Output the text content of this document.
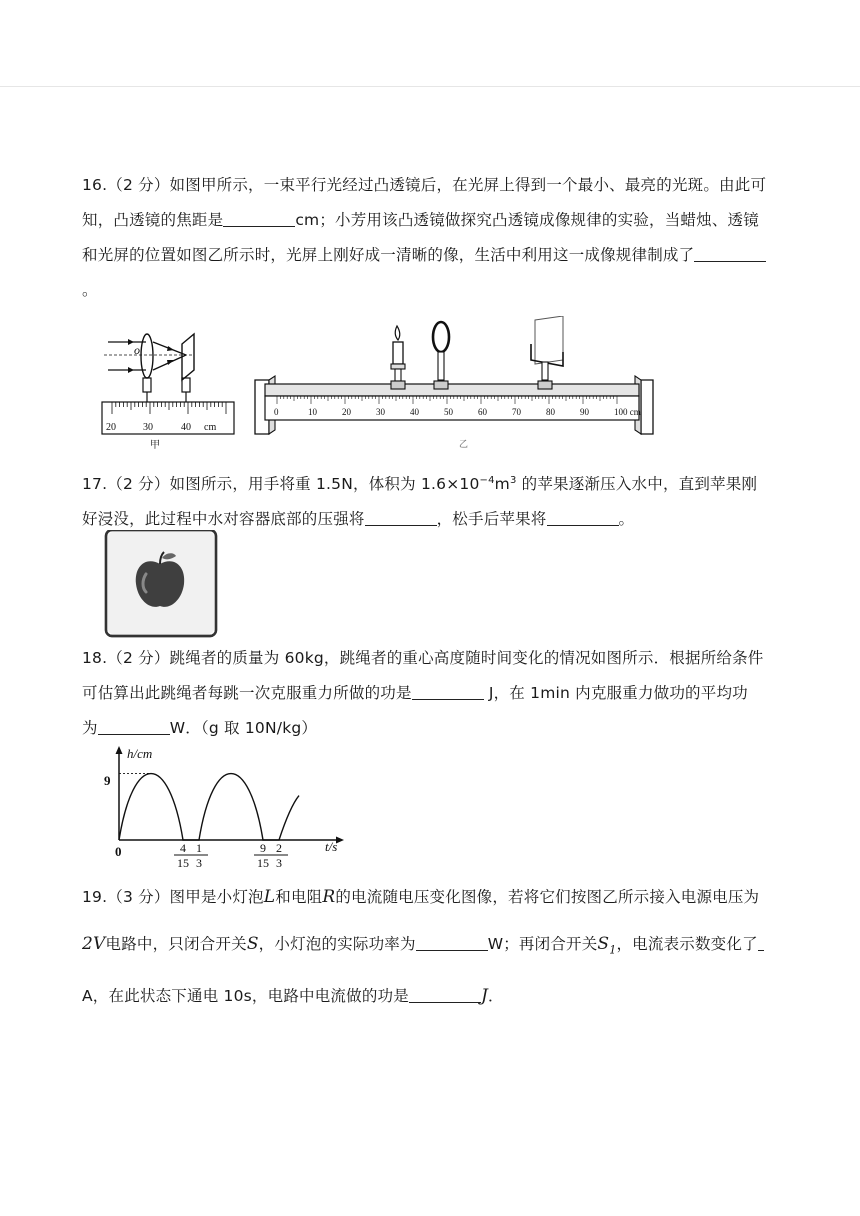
16.（2 分）如图甲所示，一束平行光经过凸透镜后，在光屏上得到一个最小、最亮的光斑。由此可
知，凸透镜的焦距是	cm；小芳用该凸透镜做探究凸透镜成像规律的实验，当蜡烛、透镜
和光屏的位置如图乙所示时，光屏上刚好成一清晰的像，生活中利用这一成像规律制成了
。
o
20	30	40 cm
甲
0	10	20	30	40	50	60	70	80	90	100 cm
乙
17.（2 分）如图所示，用手将重 1.5N，体积为 $1.6\times 10^{-4}m^3$ 的苹果逐渐压入水中，直到苹果刚
好浸没，此过程中水对容器底部的压强将	，松手后苹果将	。
18.（2 分）跳绳者的质量为 60kg，跳绳者的重心高度随时间变化的情况如图所示．根据所给条件
可估算出此跳绳者每跳一次克服重力所做的功是	J，在 1min 内克服重力做功的平均功
为	W．（g 取 10N/kg）
h/cm
t/s
9
0	4
15
1
3
9
15
2
3
19.（3 分）图甲是小灯泡L和电阻R的电流随电压变化图像，若将它们按图乙所示接入电源电压为
2V电路中，只闭合开关S，小灯泡的实际功率为	W；再闭合开关$S_1$，电流表示数变化了
A，在此状态下通电 10s，电路中电流做的功是	J．
